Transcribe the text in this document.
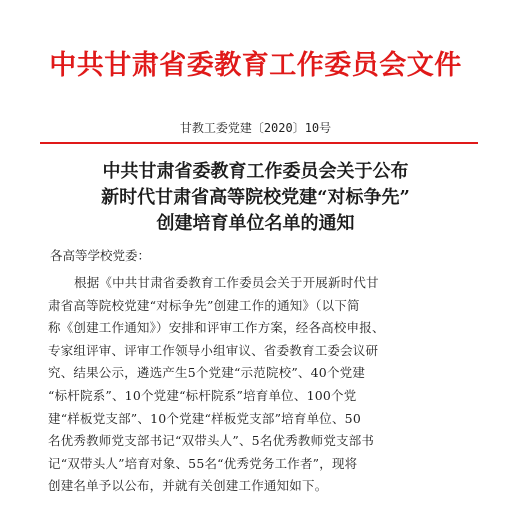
中共甘肃省委教育工作委员会文件
甘教工委党建〔2020〕10号
中共甘肃省委教育工作委员会关于公布
新时代甘肃省高等院校党建“对标争先”
创建培育单位名单的通知
各高等学校党委：
根据《中共甘肃省委教育工作委员会关于开展新时代甘
肃省高等院校党建“对标争先”创建工作的通知》（以下简
称《创建工作通知》）安排和评审工作方案，经各高校申报、
专家组评审、评审工作领导小组审议、省委教育工委会议研
究、结果公示，遴选产生5个党建“示范院校”、40个党建
“标杆院系”、10个党建“标杆院系”培育单位、100个党
建“样板党支部”、10个党建“样板党支部”培育单位、50
名优秀教师党支部书记“双带头人”、5名优秀教师党支部书
记“双带头人”培育对象、55名“优秀党务工作者”，现将
创建名单予以公布，并就有关创建工作通知如下。
